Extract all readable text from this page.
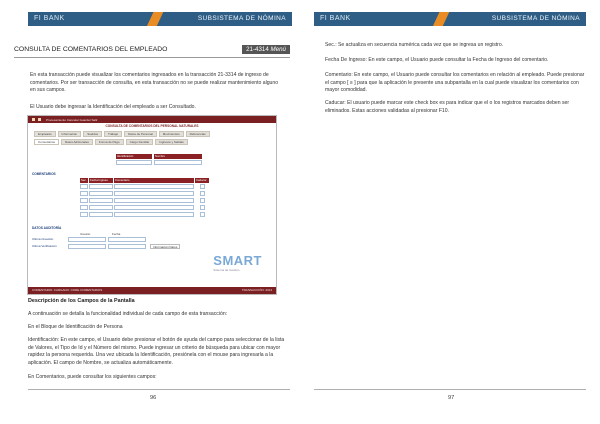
FI BANK	SUBSISTEMA DE NÓMINA
CONSULTA DE COMENTARIOS DEL EMPLEADO	21-4314 Menú
En esta transacción puede visualizar los comentarios ingresados en la transacción 21-3314 de ingreso de comentarios. Por ser transacción de consulta, en esta transacción no se puede realizar mantenimiento alguno en sus campos.
El Usuario debe ingresar la Identificación del empleado a ser Consultado.
Procesamiento Cancelar Guardar Salir
CONSULTA DE COMENTARIOS DEL PERSONAL NATURALES
Empleado	Información	Sueldos	Trabajo	Datos de Personal	Movimientos	Referencias
Comentarios	Datos Adicionales	Forma de Pago	Cargo Familiar	Ingresos y Salidas
Identificación	Nombre
COMENTARIOS
Sec.	Fecha Ingreso	Comentario	Caducar
DATOS AUDITORÍA
Usuario	Fecha
Ultima Creación
Ultima Verificación	Información Datos
SMART
Sistema de Gestión
COMENTARIO: CARGADO: CORE COMENTARIOS	TRANSACCIÓN: 4314
Descripción de los Campos de la Pantalla
A continuación se detalla la funcionalidad individual de cada campo de esta transacción:
En el Bloque de Identificación de Persona
Identificación: En este campo, el Usuario debe presionar el botón de ayuda del campo para seleccionar de la lista de Valores, el Tipo de Id y el Número del mismo. Puede ingresar un criterio de búsqueda para ubicar con mayor rapidez la persona requerida. Una vez ubicada la Identificación, presiónela con el mouse para ingresarla a la aplicación. El campo de Nombre, se actualiza automáticamente.
En Comentarios, puede consultar los siguientes campos:
96
FI BANK	SUBSISTEMA DE NÓMINA
Sec.: Se actualiza en secuencia numérica cada vez que se ingresa un registro.
Fecha De Ingreso: En este campo, el Usuario puede consultar la Fecha de Ingreso del comentario.
Comentario: En este campo, el Usuario puede consultar los comentarios en relación al empleado. Puede presionar el campo [ ≡ ] para que la aplicación le presente una subpantalla en la cual puede visualizar los comentarios con mayor comodidad.
Caducar: El usuario puede marcar este check box es para indicar que el o los registros marcados deben ser eliminados. Estas acciones validadas al presionar F10.
97
